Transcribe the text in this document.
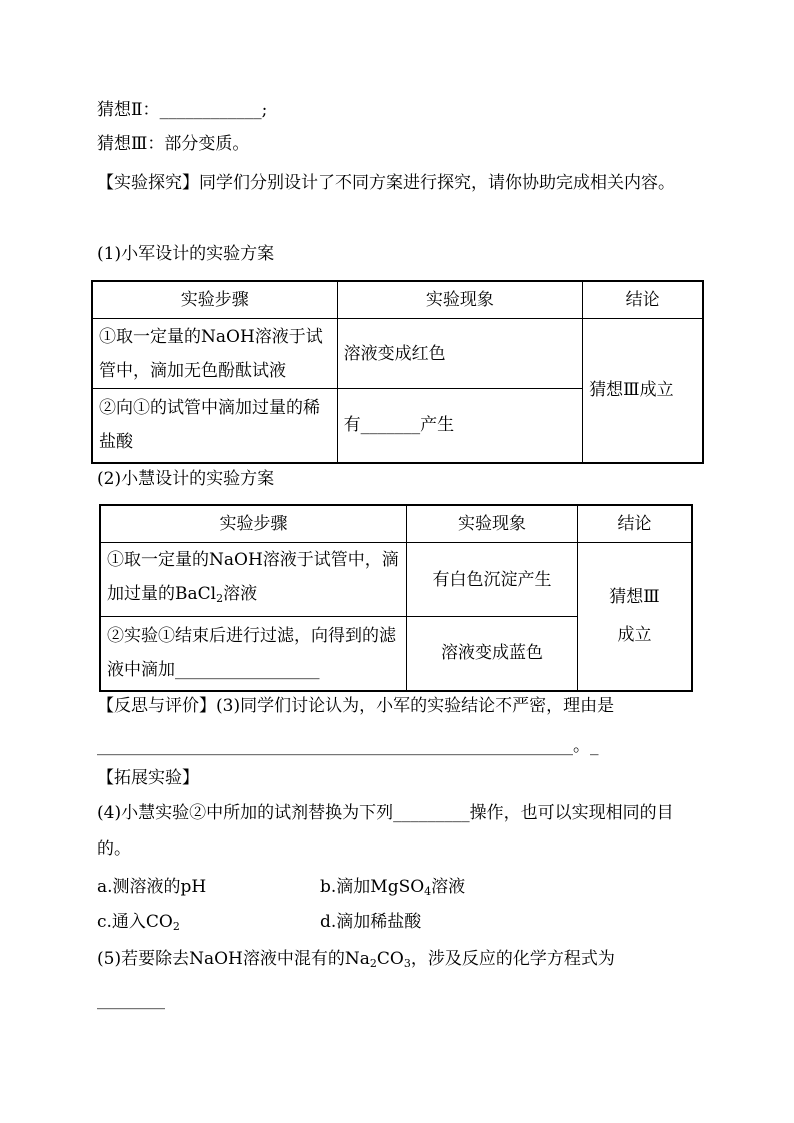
猜想Ⅱ：____________;
猜想Ⅲ：部分变质。
【实验探究】同学们分别设计了不同方案进行探究，请你协助完成相关内容。
(1)小军设计的实验方案
实验步骤	实验现象	结论
①取一定量的NaOH溶液于试管中，滴加无色酚酞试液	溶液变成红色	猜想Ⅲ成立
②向①的试管中滴加过量的稀盐酸	有_______产生	
(2)小慧设计的实验方案
实验步骤	实验现象	结论
①取一定量的NaOH溶液于试管中，滴加过量的BaCl$_2$溶液	有白色沉淀产生	猜想Ⅲ成立
②实验①结束后进行过滤，向得到的滤液中滴加_________________	溶液变成蓝色	
【反思与评价】(3)同学们讨论认为，小军的实验结论不严密，理由是
________________________________________________________。_
【拓展实验】
(4)小慧实验②中所加的试剂替换为下列_________操作，也可以实现相同的目的。
a.测溶液的pH	b.滴加MgSO$_4$溶液
c.通入$CO_2$	d.滴加稀盐酸
(5)若要除去NaOH溶液中混有的$Na_2CO_3$，涉及反应的化学方程式为
________
